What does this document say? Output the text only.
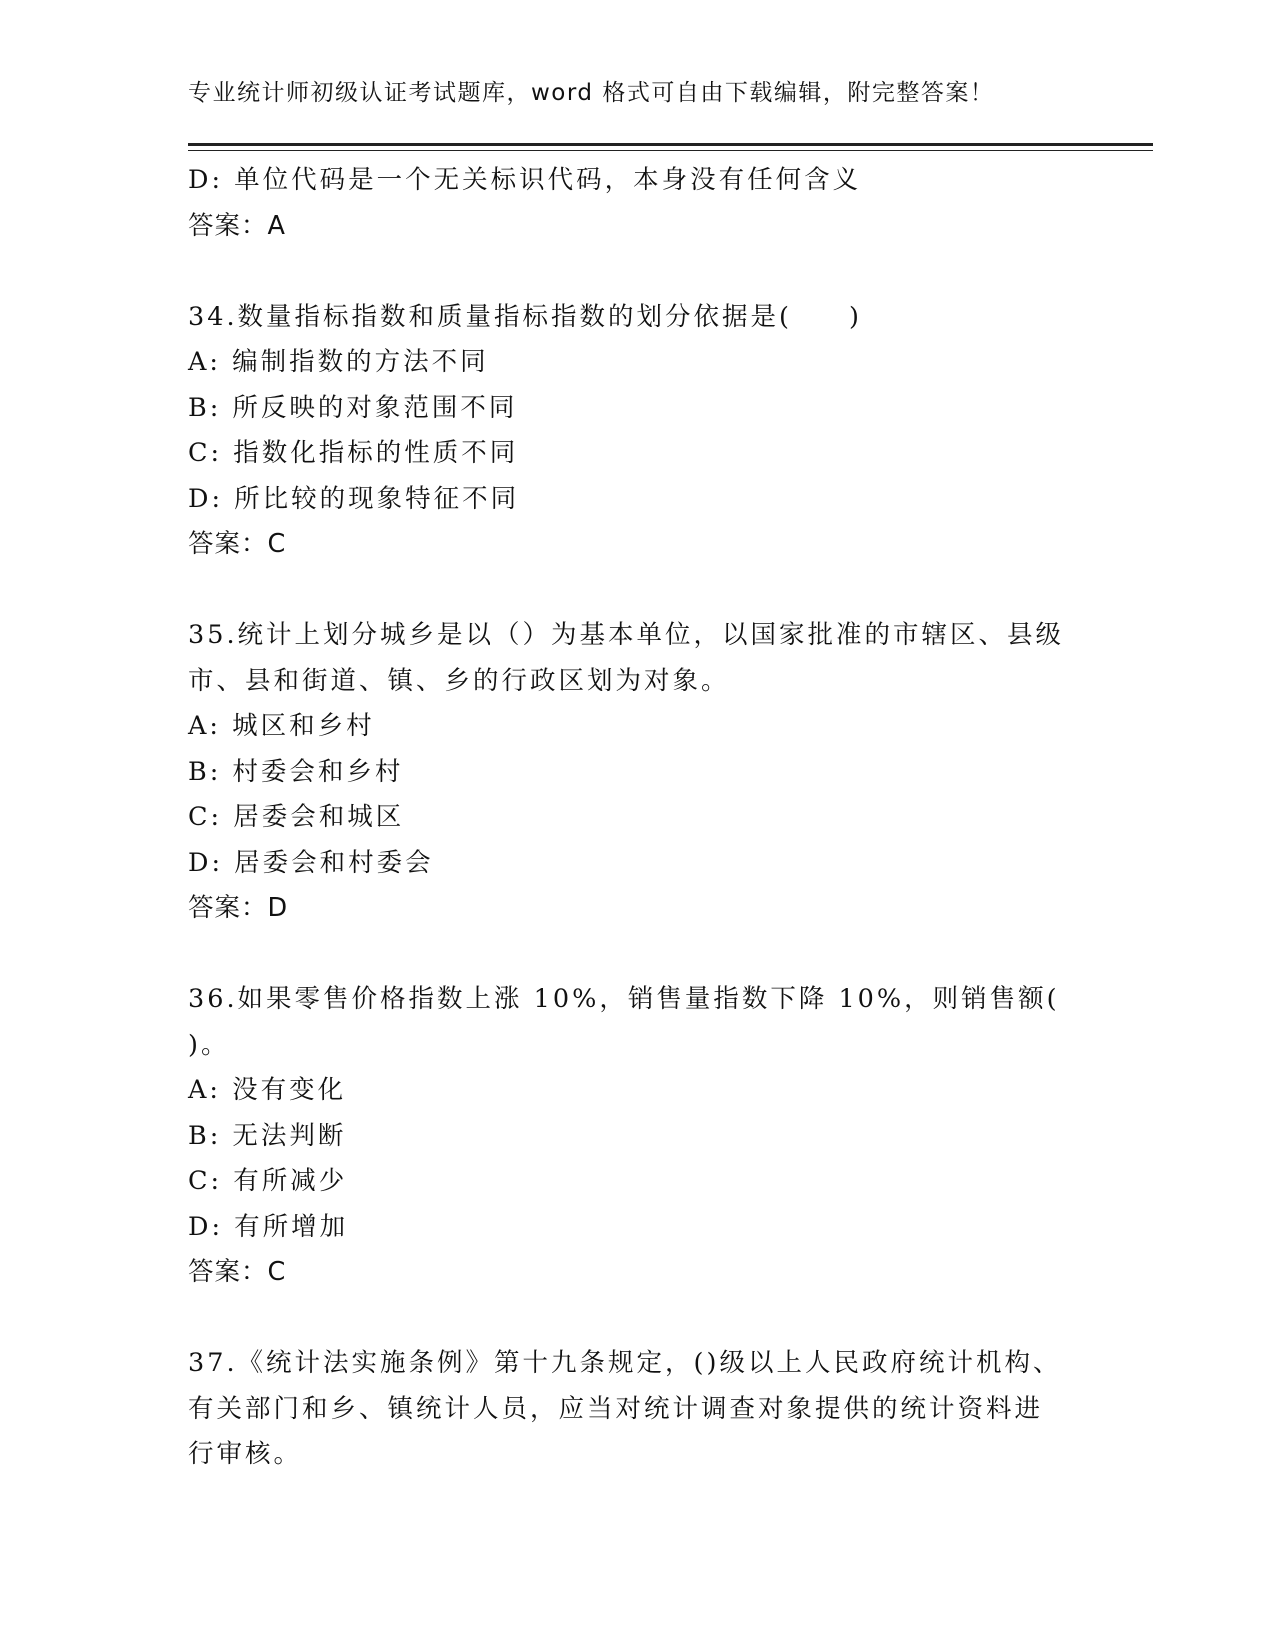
专业统计师初级认证考试题库，word 格式可自由下载编辑，附完整答案！
D: 单位代码是一个无关标识代码，本身没有任何含义
答案：A
34.数量指标指数和质量指标指数的划分依据是(　　)
A: 编制指数的方法不同
B: 所反映的对象范围不同
C: 指数化指标的性质不同
D: 所比较的现象特征不同
答案：C
35.统计上划分城乡是以（）为基本单位，以国家批准的市辖区、县级
市、县和街道、镇、乡的行政区划为对象。
A: 城区和乡村
B: 村委会和乡村
C: 居委会和城区
D: 居委会和村委会
答案：D
36.如果零售价格指数上涨 10%，销售量指数下降 10%，则销售额(
)。
A: 没有变化
B: 无法判断
C: 有所减少
D: 有所增加
答案：C
37.《统计法实施条例》第十九条规定，()级以上人民政府统计机构、
有关部门和乡、镇统计人员，应当对统计调查对象提供的统计资料进
行审核。
